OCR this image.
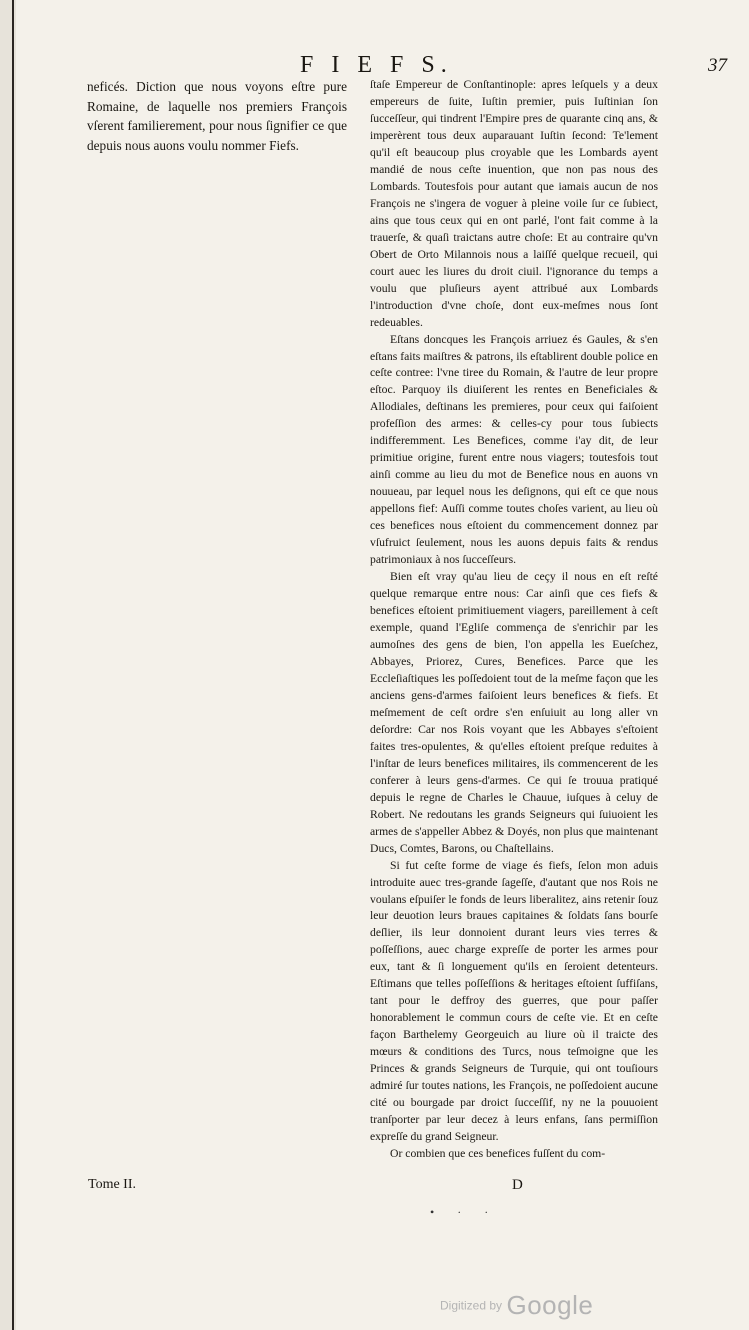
F I E F S.	37

neficés. Diction que nous voyons eſtre pure Romaine, de laquelle nos premiers François vſerent familierement, pour nous ſignifier ce que depuis nous auons voulu nommer Fiefs.

ſtaſe Empereur de Conſtantinople: apres leſquels y a deux empereurs de ſuite, Iuſtin premier, puis Iuſtinian ſon ſucceſſeur, qui tindrent l'Empire pres de quarante cinq ans, & imperèrent tous deux auparauant Iuſtin ſecond: Te'lement qu'il eſt beaucoup plus croyable que les Lombards ayent mandié de nous ceſte inuention, que non pas nous des Lombards. Toutesfois pour autant que iamais aucun de nos François ne s'ingera de voguer à pleine voile ſur ce ſubiect, ains que tous ceux qui en ont parlé, l'ont fait comme à la trauerſe, & quaſi traictans autre choſe: Et au contraire qu'vn Obert de Orto Milannois nous a laiſſé quelque recueil, qui court auec les liures du droit ciuil. l'ignorance du temps a voulu que pluſieurs ayent attribué aux Lombards l'introduction d'vne choſe, dont eux-meſmes nous ſont redeuables.

Eſtans doncques les François arriuez és Gaules, & s'en eſtans faits maiſtres & patrons, ils eſtablirent double police en ceſte contree: l'vne tiree du Romain, & l'autre de leur propre eſtoc. Parquoy ils diuiſerent les rentes en Beneficiales & Allodiales, deſtinans les premieres, pour ceux qui faiſoient profeſſion des armes: & celles-cy pour tous ſubiects indifferemment. Les Benefices, comme i'ay dit, de leur primitiue origine, furent entre nous viagers; toutesfois tout ainſi comme au lieu du mot de Benefice nous en auons vn nouueau, par lequel nous les deſignons, qui eſt ce que nous appellons fief: Auſſi comme toutes choſes varient, au lieu où ces benefices nous eſtoient du commencement donnez par vſufruict ſeulement, nous les auons depuis faits & rendus patrimoniaux à nos ſucceſſeurs.

Bien eſt vray qu'au lieu de ceçy il nous en eſt reſté quelque remarque entre nous: Car ainſi que ces fiefs & benefices eſtoient primitiuement viagers, pareillement à ceſt exemple, quand l'Egliſe commença de s'enrichir par les aumoſnes des gens de bien, l'on appella les Eueſchez, Abbayes, Priorez, Cures, Benefices. Parce que les Eccleſiaſtiques les poſſedoient tout de la meſme façon que les anciens gens-d'armes faiſoient leurs benefices & fiefs. Et meſmement de ceſt ordre s'en enſuiuit au long aller vn deſordre: Car nos Rois voyant que les Abbayes s'eſtoient faites tres-opulentes, & qu'elles eſtoient preſque reduites à l'inſtar de leurs benefices militaires, ils commencerent de les conferer à leurs gens-d'armes. Ce qui ſe trouua pratiqué depuis le regne de Charles le Chauue, iuſques à celuy de Robert. Ne redoutans les grands Seigneurs qui ſuiuoient les armes de s'appeller Abbez & Doyés, non plus que maintenant Ducs, Comtes, Barons, ou Chaſtellains.

Si fut ceſte forme de viage és fiefs, ſelon mon aduis introduite auec tres-grande ſageſſe, d'autant que nos Rois ne voulans eſpuiſer le fonds de leurs liberalitez, ains retenir ſouz leur deuotion leurs braues capitaines & ſoldats ſans bourſe deſlier, ils leur donnoient durant leurs vies terres & poſſeſſions, auec charge expreſſe de porter les armes pour eux, tant & ſi longuement qu'ils en ſeroient detenteurs. Eſtimans que telles poſſeſſions & heritages eſtoient ſuffiſans, tant pour le deffroy des guerres, que pour paſſer honorablement le commun cours de ceſte vie. Et en ceſte façon Barthelemy Georgeuich au liure où il traicte des mœurs & conditions des Turcs, nous teſmoigne que les Princes & grands Seigneurs de Turquie, qui ont touſiours admiré ſur toutes nations, les François, ne poſſedoient aucune cité ou bourgade par droict ſucceſſif, ny ne la pouuoient tranſporter par leur decez à leurs enfans, ſans permiſſion expreſſe du grand Seigneur.

Or combien que ces benefices fuſſent du com-

Tome II.	D
• · ·
Digitized by Google
